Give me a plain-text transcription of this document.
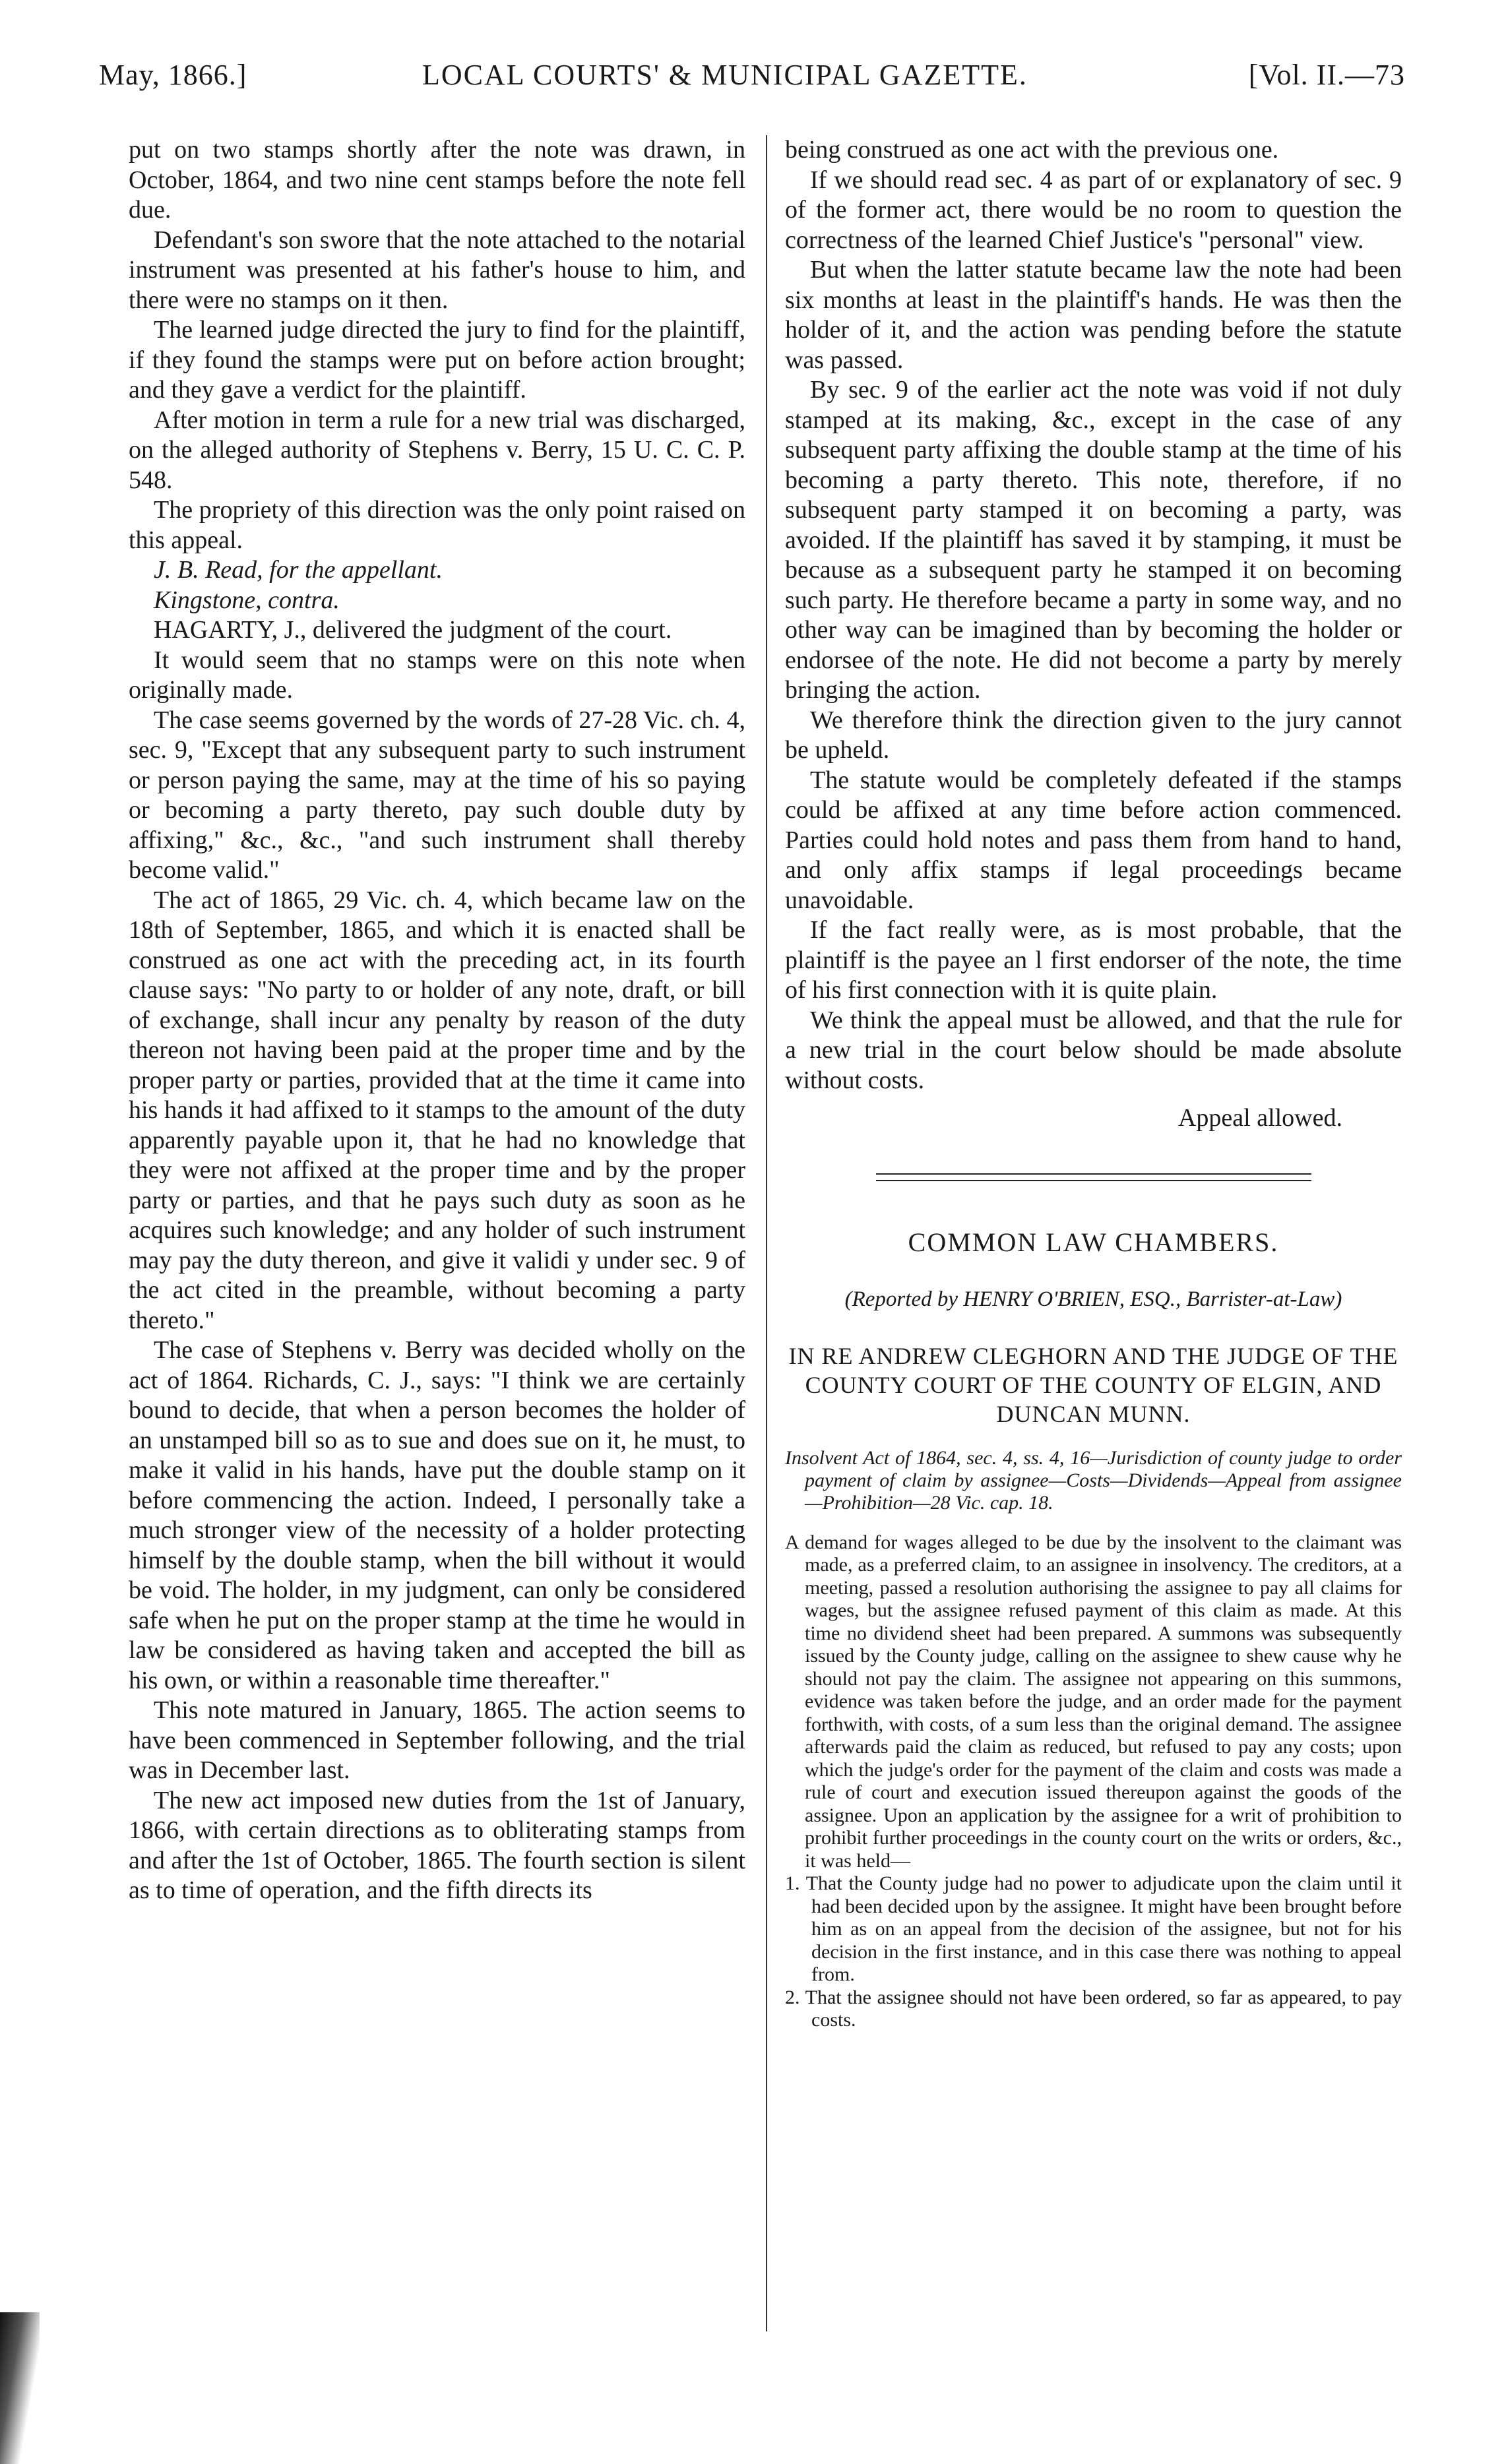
May, 1866.]	LOCAL COURTS' & MUNICIPAL GAZETTE.	[Vol. II.—73

put on two stamps shortly after the note was drawn, in October, 1864, and two nine cent stamps before the note fell due.

Defendant's son swore that the note attached to the notarial instrument was presented at his father's house to him, and there were no stamps on it then.

The learned judge directed the jury to find for the plaintiff, if they found the stamps were put on before action brought; and they gave a verdict for the plaintiff.

After motion in term a rule for a new trial was discharged, on the alleged authority of Stephens v. Berry, 15 U. C. C. P. 548.

The propriety of this direction was the only point raised on this appeal.

J. B. Read, for the appellant.

Kingstone, contra.

HAGARTY, J., delivered the judgment of the court.

It would seem that no stamps were on this note when originally made.

The case seems governed by the words of 27-28 Vic. ch. 4, sec. 9, "Except that any subsequent party to such instrument or person paying the same, may at the time of his so paying or becoming a party thereto, pay such double duty by affixing," &c., &c., "and such instrument shall thereby become valid."

The act of 1865, 29 Vic. ch. 4, which became law on the 18th of September, 1865, and which it is enacted shall be construed as one act with the preceding act, in its fourth clause says: "No party to or holder of any note, draft, or bill of exchange, shall incur any penalty by reason of the duty thereon not having been paid at the proper time and by the proper party or parties, provided that at the time it came into his hands it had affixed to it stamps to the amount of the duty apparently payable upon it, that he had no knowledge that they were not affixed at the proper time and by the proper party or parties, and that he pays such duty as soon as he acquires such knowledge; and any holder of such instrument may pay the duty thereon, and give it validi y under sec. 9 of the act cited in the preamble, without becoming a party thereto."

The case of Stephens v. Berry was decided wholly on the act of 1864. Richards, C. J., says: "I think we are certainly bound to decide, that when a person becomes the holder of an unstamped bill so as to sue and does sue on it, he must, to make it valid in his hands, have put the double stamp on it before commencing the action. Indeed, I personally take a much stronger view of the necessity of a holder protecting himself by the double stamp, when the bill without it would be void. The holder, in my judgment, can only be considered safe when he put on the proper stamp at the time he would in law be considered as having taken and accepted the bill as his own, or within a reasonable time thereafter."

This note matured in January, 1865. The action seems to have been commenced in September following, and the trial was in December last.

The new act imposed new duties from the 1st of January, 1866, with certain directions as to obliterating stamps from and after the 1st of October, 1865. The fourth section is silent as to time of operation, and the fifth directs its

being construed as one act with the previous one.

If we should read sec. 4 as part of or explanatory of sec. 9 of the former act, there would be no room to question the correctness of the learned Chief Justice's "personal" view.

But when the latter statute became law the note had been six months at least in the plaintiff's hands. He was then the holder of it, and the action was pending before the statute was passed.

By sec. 9 of the earlier act the note was void if not duly stamped at its making, &c., except in the case of any subsequent party affixing the double stamp at the time of his becoming a party thereto. This note, therefore, if no subsequent party stamped it on becoming a party, was avoided. If the plaintiff has saved it by stamping, it must be because as a subsequent party he stamped it on becoming such party. He therefore became a party in some way, and no other way can be imagined than by becoming the holder or endorsee of the note. He did not become a party by merely bringing the action.

We therefore think the direction given to the jury cannot be upheld.

The statute would be completely defeated if the stamps could be affixed at any time before action commenced. Parties could hold notes and pass them from hand to hand, and only affix stamps if legal proceedings became unavoidable.

If the fact really were, as is most probable, that the plaintiff is the payee an l first endorser of the note, the time of his first connection with it is quite plain.

We think the appeal must be allowed, and that the rule for a new trial in the court below should be made absolute without costs.

Appeal allowed.

COMMON LAW CHAMBERS.
(Reported by HENRY O'BRIEN, ESQ., Barrister-at-Law)
IN RE ANDREW CLEGHORN AND THE JUDGE OF THE COUNTY COURT OF THE COUNTY OF ELGIN, AND DUNCAN MUNN.
Insolvent Act of 1864, sec. 4, ss. 4, 16—Jurisdiction of county judge to order payment of claim by assignee—Costs—Dividends—Appeal from assignee—Prohibition—28 Vic. cap. 18.

A demand for wages alleged to be due by the insolvent to the claimant was made, as a preferred claim, to an assignee in insolvency. The creditors, at a meeting, passed a resolution authorising the assignee to pay all claims for wages, but the assignee refused payment of this claim as made. At this time no dividend sheet had been prepared. A summons was subsequently issued by the County judge, calling on the assignee to shew cause why he should not pay the claim. The assignee not appearing on this summons, evidence was taken before the judge, and an order made for the payment forthwith, with costs, of a sum less than the original demand. The assignee afterwards paid the claim as reduced, but refused to pay any costs; upon which the judge's order for the payment of the claim and costs was made a rule of court and execution issued thereupon against the goods of the assignee. Upon an application by the assignee for a writ of prohibition to prohibit further proceedings in the county court on the writs or orders, &c., it was held—

1. That the County judge had no power to adjudicate upon the claim until it had been decided upon by the assignee. It might have been brought before him as on an appeal from the decision of the assignee, but not for his decision in the first instance, and in this case there was nothing to appeal from.
2. That the assignee should not have been ordered, so far as appeared, to pay costs.
